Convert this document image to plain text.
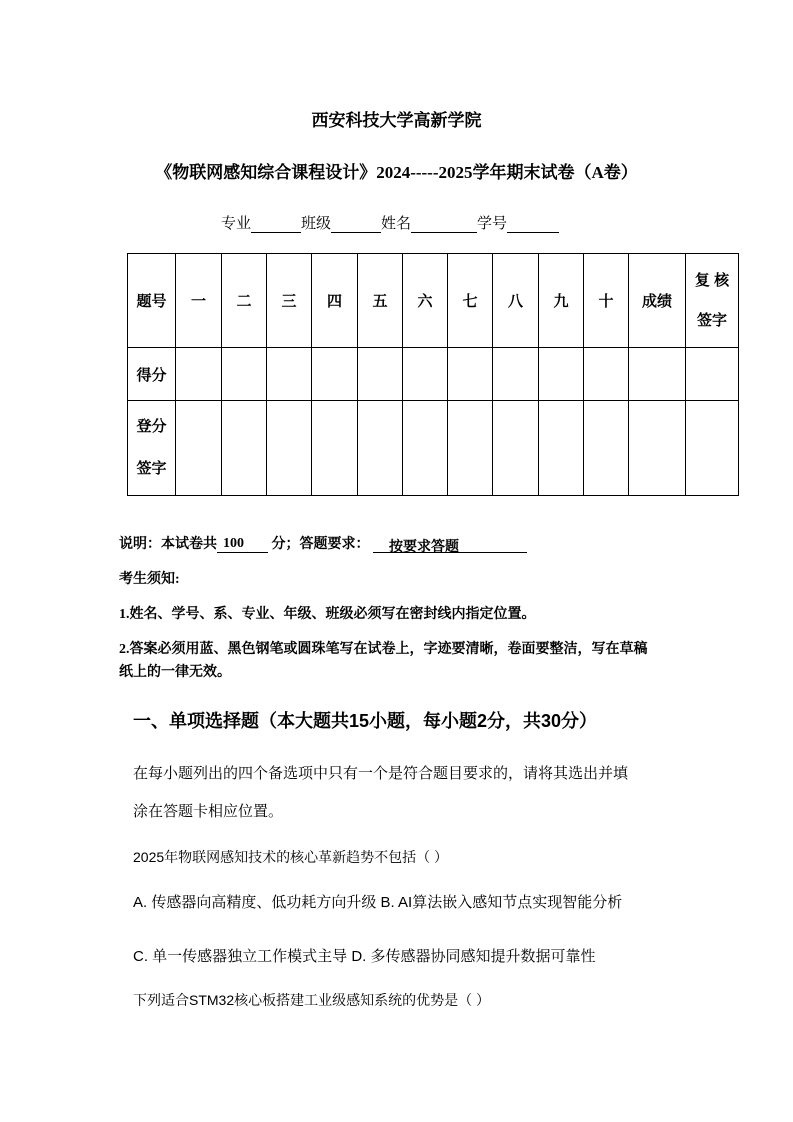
西安科技大学高新学院
《物联网感知综合课程设计》2024-----2025学年期末试卷（A卷）
专业	班级	姓名	学号
题号	一	二	三	四	五	六	七	八	九	十	成绩	复 核 签字
得分												
登分 签字												
说明：本试卷共 100 分；答题要求： 按要求答题
考生须知:
1.姓名、学号、系、专业、年级、班级必须写在密封线内指定位置。
2.答案必须用蓝、黑色钢笔或圆珠笔写在试卷上，字迹要清晰，卷面要整洁，写在草稿
纸上的一律无效。
一、单项选择题（本大题共15小题，每小题2分，共30分）
在每小题列出的四个备选项中只有一个是符合题目要求的，请将其选出并填
涂在答题卡相应位置。
2025年物联网感知技术的核心革新趋势不包括（ ）
A. 传感器向高精度、低功耗方向升级 B. AI算法嵌入感知节点实现智能分析
C. 单一传感器独立工作模式主导 D. 多传感器协同感知提升数据可靠性
下列适合STM32核心板搭建工业级感知系统的优势是（ ）
